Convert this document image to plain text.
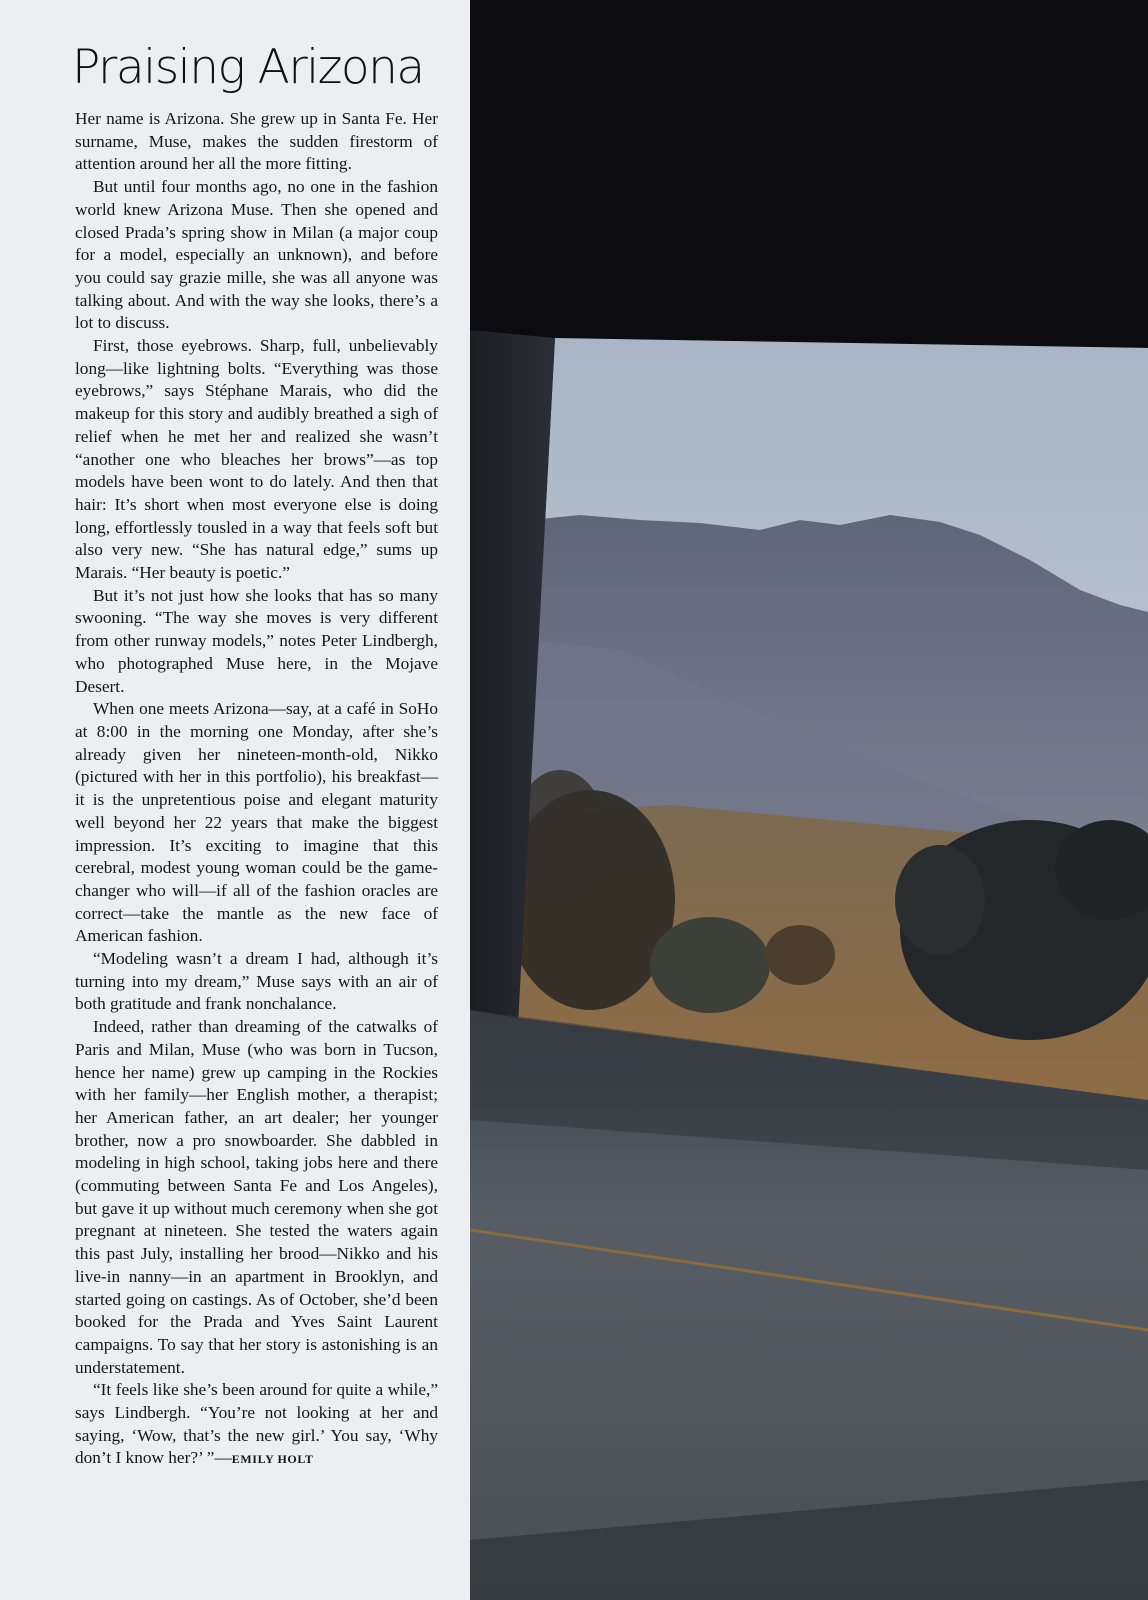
Praising Arizona

Her name is Arizona. She grew up in Santa Fe. Her surname, Muse, makes the sudden firestorm of attention around her all the more fitting.

But until four months ago, no one in the fashion world knew Arizona Muse. Then she opened and closed Prada’s spring show in Milan (a major coup for a model, especially an unknown), and before you could say grazie mille, she was all anyone was talking about. And with the way she looks, there’s a lot to discuss.

First, those eyebrows. Sharp, full, unbelievably long—like lightning bolts. “Everything was those eyebrows,” says Stéphane Marais, who did the makeup for this story and audibly breathed a sigh of relief when he met her and realized she wasn’t “another one who bleaches her brows”—as top models have been wont to do lately. And then that hair: It’s short when most everyone else is doing long, effortlessly tousled in a way that feels soft but also very new. “She has natural edge,” sums up Marais. “Her beauty is poetic.”

But it’s not just how she looks that has so many swooning. “The way she moves is very different from other runway models,” notes Peter Lindbergh, who photographed Muse here, in the Mojave Desert.

When one meets Arizona—say, at a café in SoHo at 8:00 in the morning one Monday, after she’s already given her nineteen-month-old, Nikko (pictured with her in this portfolio), his breakfast—it is the unpretentious poise and elegant maturity well beyond her 22 years that make the biggest impression. It’s exciting to imagine that this cerebral, modest young woman could be the game-changer who will—if all of the fashion oracles are correct—take the mantle as the new face of American fashion.

“Modeling wasn’t a dream I had, although it’s turning into my dream,” Muse says with an air of both gratitude and frank nonchalance.

Indeed, rather than dreaming of the catwalks of Paris and Milan, Muse (who was born in Tucson, hence her name) grew up camping in the Rockies with her family—her English mother, a therapist; her American father, an art dealer; her younger brother, now a pro snowboarder. She dabbled in modeling in high school, taking jobs here and there (commuting between Santa Fe and Los Angeles), but gave it up without much ceremony when she got pregnant at nineteen. She tested the waters again this past July, installing her brood—Nikko and his live-in nanny—in an apartment in Brooklyn, and started going on castings. As of October, she’d been booked for the Prada and Yves Saint Laurent campaigns. To say that her story is astonishing is an understatement.

“It feels like she’s been around for quite a while,” says Lindbergh. “You’re not looking at her and saying, ‘Wow, that’s the new girl.’ You say, ‘Why don’t I know her?’ ”—EMILY HOLT
